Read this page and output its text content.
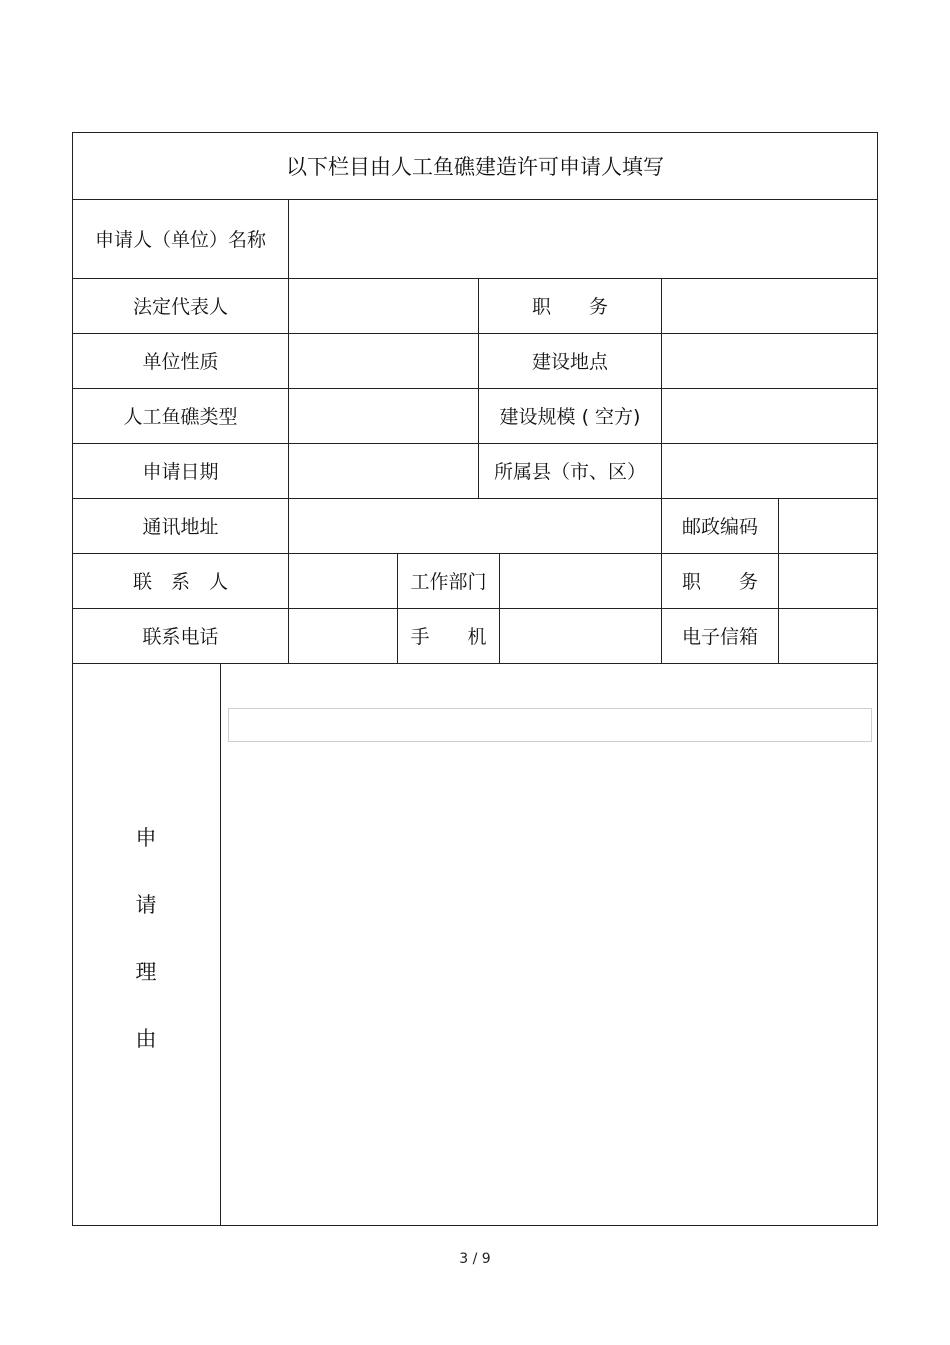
以下栏目由人工鱼礁建造许可申请人填写
申请人（单位）名称
法定代表人	职　　务
单位性质	建设地点
人工鱼礁类型	建设规模 ( 空方)
申请日期	所属县（市、区）
通讯地址	邮政编码
联　系　人	工作部门	职　　务
联系电话	手　　机	电子信箱
申
请
理
由
3 / 9
